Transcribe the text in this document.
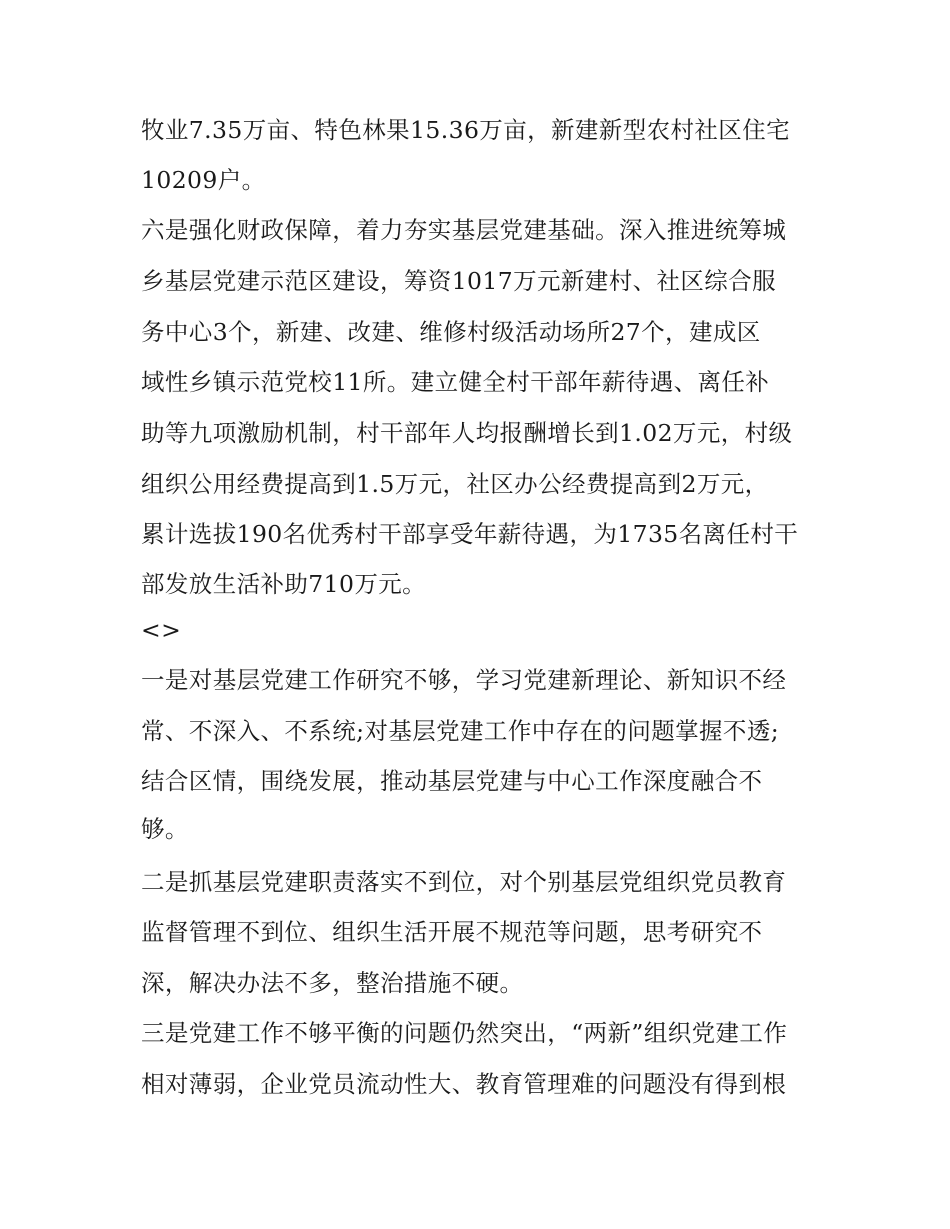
牧业7.35万亩、特色林果15.36万亩，新建新型农村社区住宅
10209户。
六是强化财政保障，着力夯实基层党建基础。深入推进统筹城
乡基层党建示范区建设，筹资1017万元新建村、社区综合服
务中心3个，新建、改建、维修村级活动场所27个，建成区
域性乡镇示范党校11所。建立健全村干部年薪待遇、离任补
助等九项激励机制，村干部年人均报酬增长到1.02万元，村级
组织公用经费提高到1.5万元，社区办公经费提高到2万元，
累计选拔190名优秀村干部享受年薪待遇，为1735名离任村干
部发放生活补助710万元。
<>
一是对基层党建工作研究不够，学习党建新理论、新知识不经
常、不深入、不系统;对基层党建工作中存在的问题掌握不透;
结合区情，围绕发展，推动基层党建与中心工作深度融合不
够。
二是抓基层党建职责落实不到位，对个别基层党组织党员教育
监督管理不到位、组织生活开展不规范等问题，思考研究不
深，解决办法不多，整治措施不硬。
三是党建工作不够平衡的问题仍然突出，“两新”组织党建工作
相对薄弱，企业党员流动性大、教育管理难的问题没有得到根
